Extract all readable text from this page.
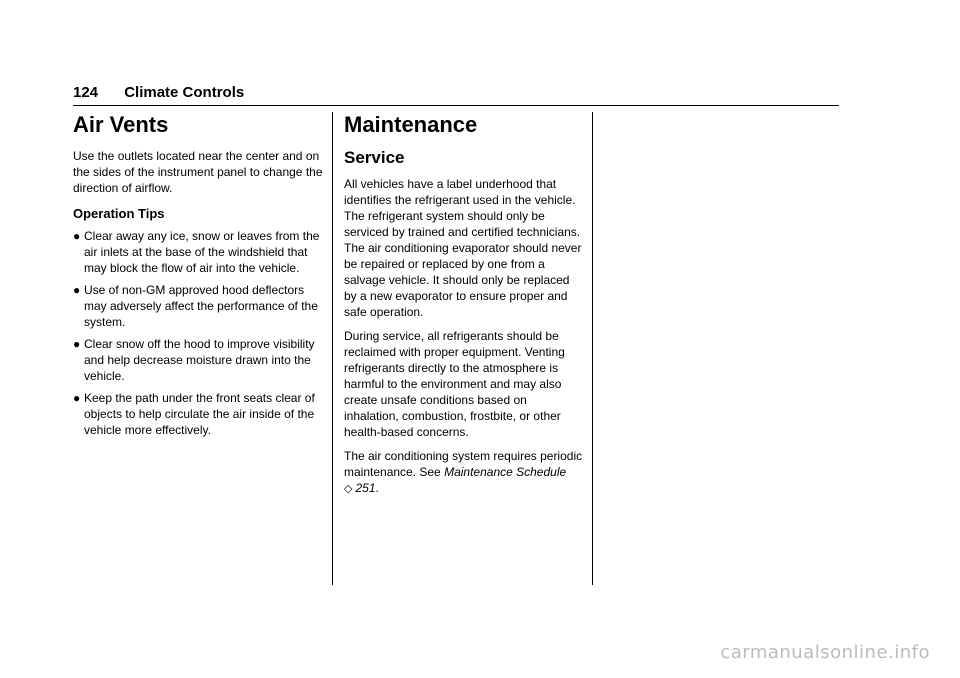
124 Climate Controls
Air Vents

Use the outlets located near the center and on the sides of the instrument panel to change the direction of airflow.

Operation Tips
● Clear away any ice, snow or leaves from the air inlets at the base of the windshield that may block the flow of air into the vehicle.
● Use of non-GM approved hood deflectors may adversely affect the performance of the system.
● Clear snow off the hood to improve visibility and help decrease moisture drawn into the vehicle.
● Keep the path under the front seats clear of objects to help circulate the air inside of the vehicle more effectively.
Maintenance
Service

All vehicles have a label underhood that identifies the refrigerant used in the vehicle. The refrigerant system should only be serviced by trained and certified technicians. The air conditioning evaporator should never be repaired or replaced by one from a salvage vehicle. It should only be replaced by a new evaporator to ensure proper and safe operation.

During service, all refrigerants should be reclaimed with proper equipment. Venting refrigerants directly to the atmosphere is harmful to the environment and may also create unsafe conditions based on inhalation, combustion, frostbite, or other health-based concerns.

The air conditioning system requires periodic maintenance. See Maintenance Schedule
◇ 251.

carmanualsonline.info
